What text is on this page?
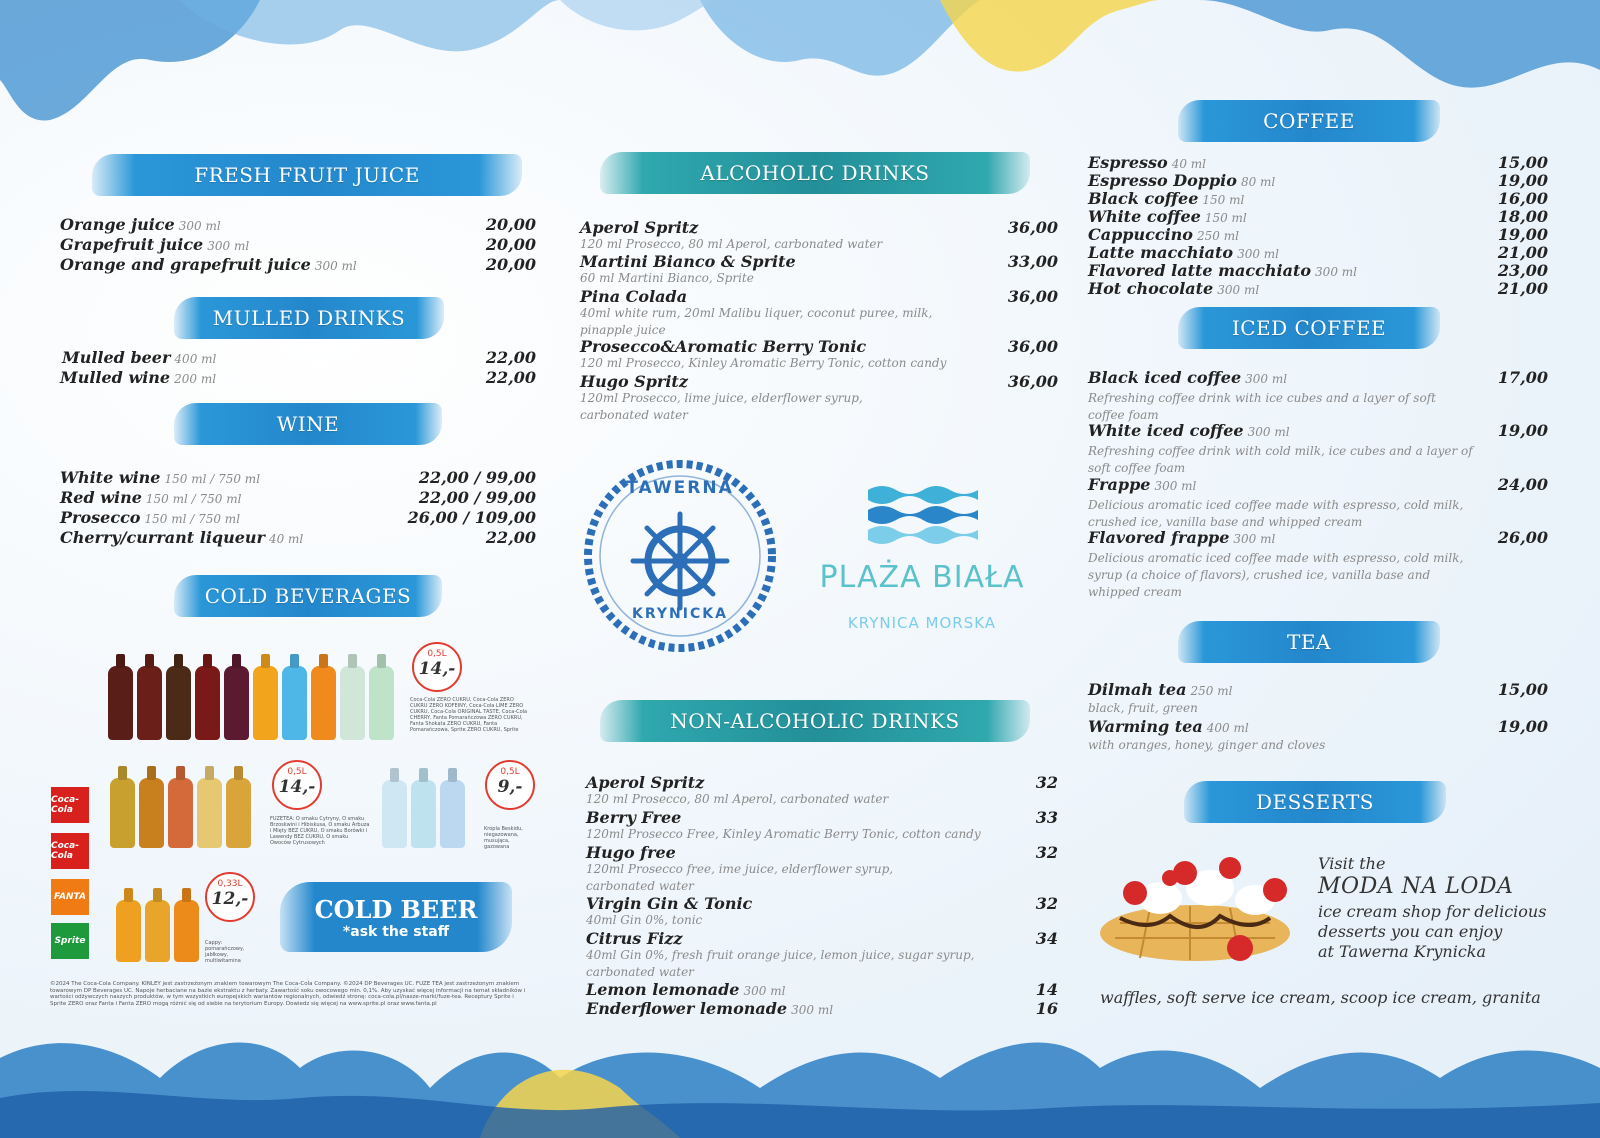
FRESH FRUIT JUICE
Orange juice 300 ml	20,00
Grapefruit juice 300 ml	20,00
Orange and grapefruit juice 300 ml	20,00
MULLED DRINKS
Mulled beer 400 ml	22,00
Mulled wine 200 ml	22,00
WINE
White wine 150 ml / 750 ml	22,00 / 99,00
Red wine 150 ml / 750 ml	22,00 / 99,00
Prosecco 150 ml / 750 ml	26,00 / 109,00
Cherry/currant liqueur 40 ml	22,00
COLD BEVERAGES
0,5L
14,-
Coca-Cola ZERO CUKRU, Coca-Cola ZERO CUKRU ZERO KOFEINY, Coca-Cola LIME ZERO CUKRU, Coca-Cola ORIGINAL TASTE, Coca-Cola CHERRY, Fanta Pomarańczowa ZERO CUKRU, Fanta Shokata ZERO CUKRU, Fanta Pomarańczowa, Sprite ZERO CUKRU, Sprite
Coca-Cola
Coca-Cola
FANTA
Sprite
0,5L
14,-
FUZETEA: O smaku Cytryny, O smaku Brzoskwini i Hibiskusa, O smaku Arbuza i Mięty BEZ CUKRU, O smaku Borówki i Lawendy BEZ CUKRU, O smaku Owoców Cytrusowych
0,5L
9,-
Kropla Beskidu, niegazowana, musująca, gazowana
0,33L
12,-
Cappy: pomarańczowy, jabłkowy, multiwitamina
COLD BEER
*ask the staff
©2024 The Coca-Cola Company. KINLEY jest zastrzeżonym znakiem towarowym The Coca-Cola Company. ©2024 DP Beverages UC. FUZE TEA jest zastrzeżonym znakiem towarowym DP Beverages UC. Napoje herbaciane na bazie ekstraktu z herbaty. Zawartość soku owocowego min. 0,1%. Aby uzyskać więcej informacji na temat składników i wartości odżywczych naszych produktów, w tym wszystkich europejskich wariantów regionalnych, odwiedź stronę: coca-cola.pl/nasze-marki/fuze-tea. Receptury Sprite i Sprite ZERO oraz Fanta i Fanta ZERO mogą różnić się od siebie na terytorium Europy. Dowiedz się więcej na www.sprite.pl oraz www.fanta.pl
ALCOHOLIC DRINKS
Aperol Spritz	36,00
120 ml Prosecco, 80 ml Aperol, carbonated water
Martini Bianco & Sprite	33,00
60 ml Martini Bianco, Sprite
Pina Colada	36,00
40ml white rum, 20ml Malibu liquer, coconut puree, milk, pinapple juice
Prosecco&Aromatic Berry Tonic	36,00
120 ml Prosecco, Kinley Aromatic Berry Tonic, cotton candy
Hugo Spritz	36,00
120ml Prosecco, lime juice, elderflower syrup, carbonated water
TAWERNA
KRYNICKA
PLAŻA BIAŁA
KRYNICA MORSKA
NON-ALCOHOLIC DRINKS
Aperol Spritz	32
120 ml Prosecco, 80 ml Aperol, carbonated water
Berry Free	33
120ml Prosecco Free, Kinley Aromatic Berry Tonic, cotton candy
Hugo free	32
120ml Prosecco free, ime juice, elderflower syrup, carbonated water
Virgin Gin & Tonic	32
40ml Gin 0%, tonic
Citrus Fizz	34
40ml Gin 0%, fresh fruit orange juice, lemon juice, sugar syrup, carbonated water
Lemon lemonade 300 ml	14
Enderflower lemonade 300 ml	16
COFFEE
Espresso 40 ml	15,00
Espresso Doppio 80 ml	19,00
Black coffee 150 ml	16,00
White coffee 150 ml	18,00
Cappuccino 250 ml	19,00
Latte macchiato 300 ml	21,00
Flavored latte macchiato 300 ml	23,00
Hot chocolate 300 ml	21,00
ICED COFFEE
Black iced coffee 300 ml	17,00
Refreshing coffee drink with ice cubes and a layer of soft coffee foam
White iced coffee 300 ml	19,00
Refreshing coffee drink with cold milk, ice cubes and a layer of soft coffee foam
Frappe 300 ml	24,00
Delicious aromatic iced coffee made with espresso, cold milk, crushed ice, vanilla base and whipped cream
Flavored frappe 300 ml	26,00
Delicious aromatic iced coffee made with espresso, cold milk, syrup (a choice of flavors), crushed ice, vanilla base and whipped cream
TEA
Dilmah tea 250 ml	15,00
black, fruit, green
Warming tea 400 ml	19,00
with oranges, honey, ginger and cloves
DESSERTS
Visit the
MODA NA LODA
ice cream shop for delicious
desserts you can enjoy
at Tawerna Krynicka
waffles, soft serve ice cream, scoop ice cream, granita
